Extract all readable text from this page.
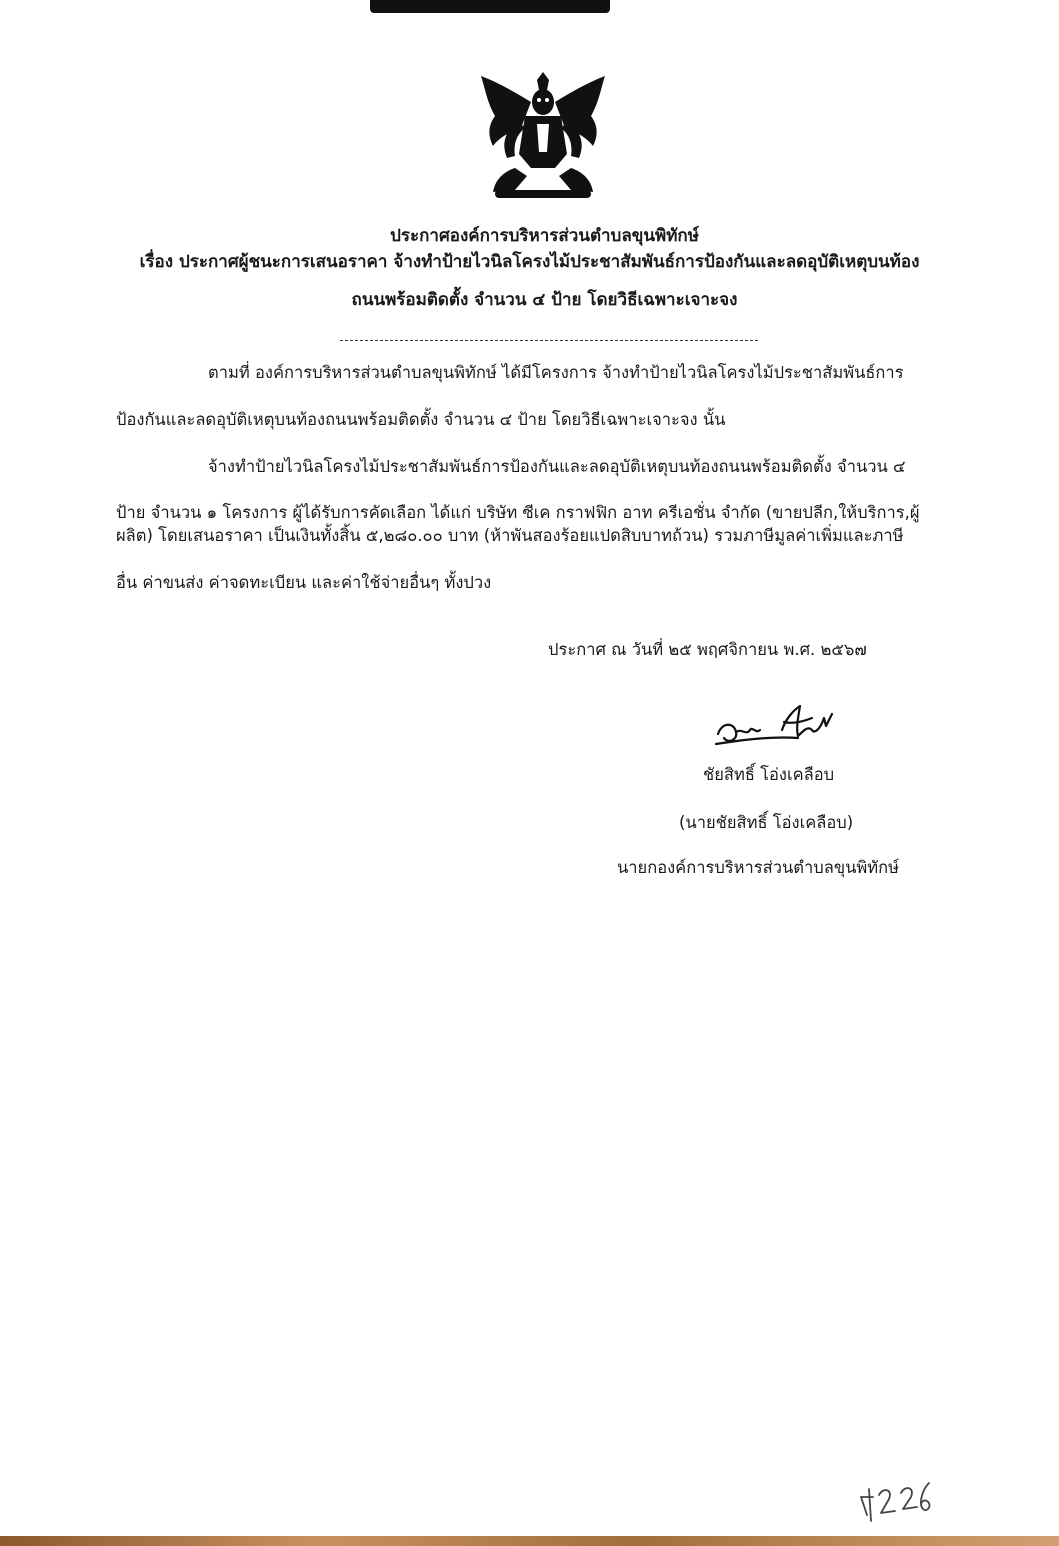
ประกาศองค์การบริหารส่วนตำบลขุนพิทักษ์
เรื่อง ประกาศผู้ชนะการเสนอราคา จ้างทำป้ายไวนิลโครงไม้ประชาสัมพันธ์การป้องกันและลดอุบัติเหตุบนท้อง
ถนนพร้อมติดตั้ง จำนวน ๔ ป้าย โดยวิธีเฉพาะเจาะจง
ตามที่ องค์การบริหารส่วนตำบลขุนพิทักษ์ ได้มีโครงการ จ้างทำป้ายไวนิลโครงไม้ประชาสัมพันธ์การ
ป้องกันและลดอุบัติเหตุบนท้องถนนพร้อมติดตั้ง จำนวน ๔ ป้าย โดยวิธีเฉพาะเจาะจง นั้น
จ้างทำป้ายไวนิลโครงไม้ประชาสัมพันธ์การป้องกันและลดอุบัติเหตุบนท้องถนนพร้อมติดตั้ง จำนวน ๔
ป้าย จำนวน ๑ โครงการ ผู้ได้รับการคัดเลือก ได้แก่ บริษัท ซีเค กราฟฟิก อาท ครีเอชั่น จำกัด (ขายปลีก,ให้บริการ,ผู้
ผลิต) โดยเสนอราคา เป็นเงินทั้งสิ้น ๕,๒๘๐.๐๐ บาท (ห้าพันสองร้อยแปดสิบบาทถ้วน) รวมภาษีมูลค่าเพิ่มและภาษี
อื่น ค่าขนส่ง ค่าจดทะเบียน และค่าใช้จ่ายอื่นๆ ทั้งปวง
ประกาศ ณ วันที่ ๒๕ พฤศจิกายน พ.ศ. ๒๕๖๗
ชัยสิทธิ์ โอ่งเคลือบ
(นายชัยสิทธิ์ โอ่งเคลือบ)
นายกองค์การบริหารส่วนตำบลขุนพิทักษ์
